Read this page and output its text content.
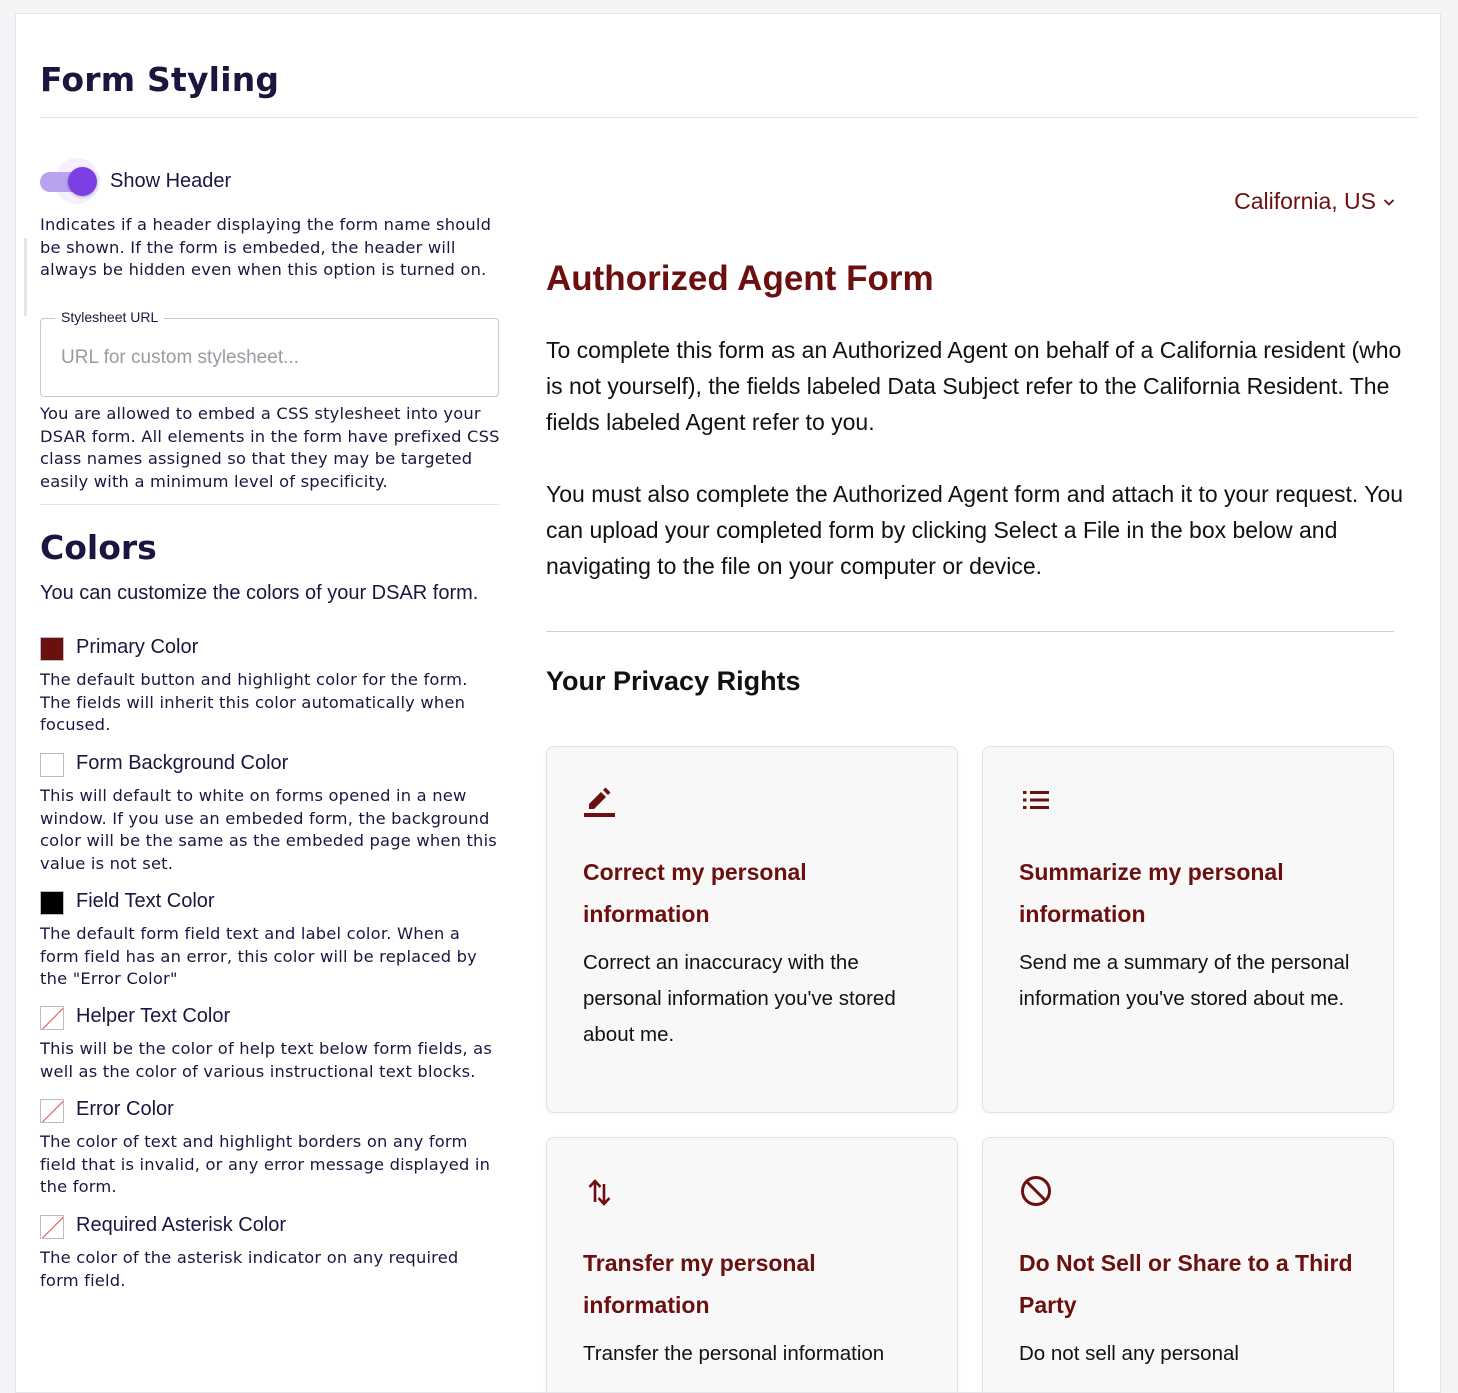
Form Styling
Show Header

Indicates if a header displaying the form name should be shown. If the form is embeded, the header will always be hidden even when this option is turned on.

Stylesheet URL
URL for custom stylesheet...

You are allowed to embed a CSS stylesheet into your DSAR form. All elements in the form have prefixed CSS class names assigned so that they may be targeted easily with a minimum level of specificity.

Colors
You can customize the colors of your DSAR form.
Primary Color

The default button and highlight color for the form. The fields will inherit this color automatically when focused.

Form Background Color

This will default to white on forms opened in a new window. If you use an embeded form, the background color will be the same as the embeded page when this value is not set.

Field Text Color

The default form field text and label color. When a form field has an error, this color will be replaced by the "Error Color"

Helper Text Color

This will be the color of help text below form fields, as well as the color of various instructional text blocks.

Error Color

The color of text and highlight borders on any form field that is invalid, or any error message displayed in the form.

Required Asterisk Color

The color of the asterisk indicator on any required form field.

California, US
Authorized Agent Form

To complete this form as an Authorized Agent on behalf of a California resident (who is not yourself), the fields labeled Data Subject refer to the California Resident. The fields labeled Agent refer to you.

You must also complete the Authorized Agent form and attach it to your request. You can upload your completed form by clicking Select a File in the box below and navigating to the file on your computer or device.

Your Privacy Rights
Correct my personal information

Correct an inaccuracy with the personal information you've stored about me.

Summarize my personal information

Send me a summary of the personal information you've stored about me.

Transfer my personal information

Transfer the personal information

Do Not Sell or Share to a Third Party

Do not sell any personal
